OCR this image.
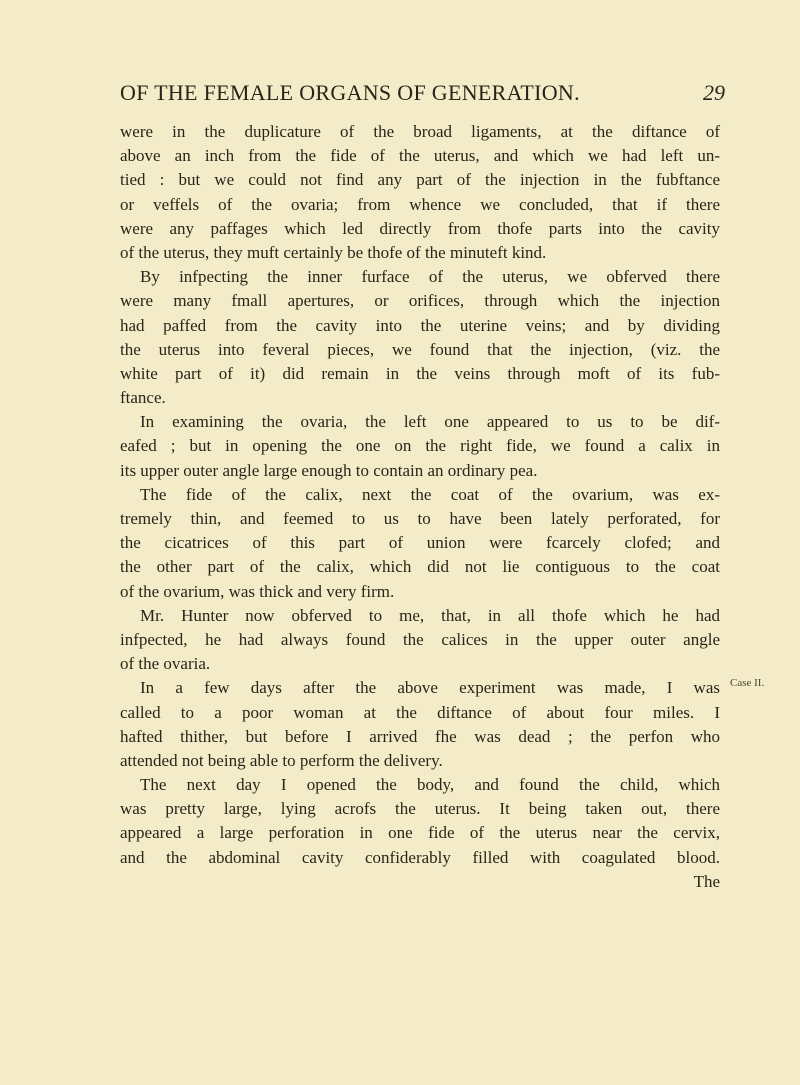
OF THE FEMALE ORGANS OF GENERATION.	29
were in the duplicature of the broad ligaments, at the diftance of
above an inch from the fide of the uterus, and which we had left un-
tied : but we could not find any part of the injection in the fubftance
or veffels of the ovaria; from whence we concluded, that if there
were any paffages which led directly from thofe parts into the cavity
of the uterus, they muft certainly be thofe of the minuteft kind.
By infpecting the inner furface of the uterus, we obferved there
were many fmall apertures, or orifices, through which the injection
had paffed from the cavity into the uterine veins; and by dividing
the uterus into feveral pieces, we found that the injection, (viz. the
white part of it) did remain in the veins through moft of its fub-
ftance.
In examining the ovaria, the left one appeared to us to be dif-
eafed ; but in opening the one on the right fide, we found a calix in
its upper outer angle large enough to contain an ordinary pea.
The fide of the calix, next the coat of the ovarium, was ex-
tremely thin, and feemed to us to have been lately perforated, for
the cicatrices of this part of union were fcarcely clofed; and
the other part of the calix, which did not lie contiguous to the coat
of the ovarium, was thick and very firm.
Mr. Hunter now obferved to me, that, in all thofe which he had
infpected, he had always found the calices in the upper outer angle
of the ovaria.
In a few days after the above experiment was made, I was
called to a poor woman at the diftance of about four miles. I
hafted thither, but before I arrived fhe was dead ; the perfon who
attended not being able to perform the delivery.
The next day I opened the body, and found the child, which
was pretty large, lying acrofs the uterus. It being taken out, there
appeared a large perforation in one fide of the uterus near the cervix,
and the abdominal cavity confiderably filled with coagulated blood.
The
Case II.
